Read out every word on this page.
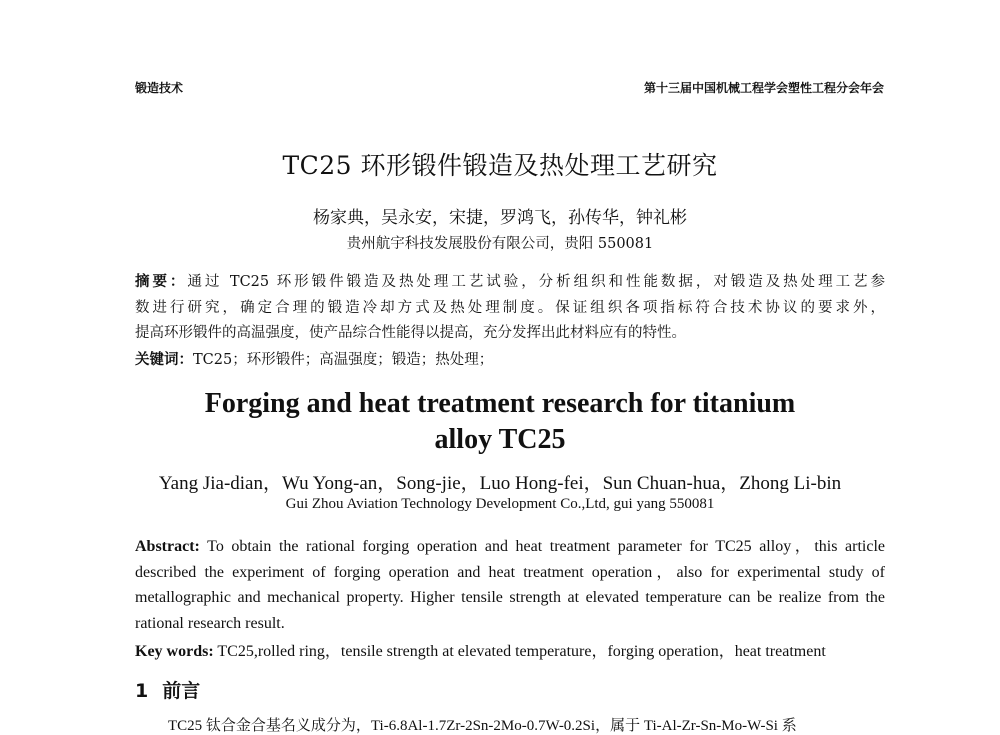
锻造技术	第十三届中国机械工程学会塑性工程分会年会
TC25 环形锻件锻造及热处理工艺研究
杨家典，吴永安，宋捷，罗鸿飞，孙传华，钟礼彬
贵州航宇科技发展股份有限公司，贵阳 550081
摘要：通过 TC25 环形锻件锻造及热处理工艺试验，分析组织和性能数据，对锻造及热处理工艺参
数进行研究，确定合理的锻造冷却方式及热处理制度。保证组织各项指标符合技术协议的要求外，
提高环形锻件的高温强度，使产品综合性能得以提高，充分发挥出此材料应有的特性。
关键词：TC25；环形锻件；高温强度；锻造；热处理；
Forging and heat treatment research for titanium
alloy TC25
Yang Jia-dian，Wu Yong-an，Song-jie，Luo Hong-fei，Sun Chuan-hua，Zhong Li-bin
Gui Zhou Aviation Technology Development Co.,Ltd, gui yang 550081
Abstract: To obtain the rational forging operation and heat treatment parameter for TC25 alloy，this article described the experiment of forging operation and heat treatment operation，also for experimental study of metallographic and mechanical property. Higher tensile strength at elevated temperature can be realize from the rational research result.
Key words: TC25,rolled ring，tensile strength at elevated temperature，forging operation，heat treatment
1 前言
TC25 钛合金合基名义成分为，Ti-6.8Al-1.7Zr-2Sn-2Mo-0.7W-0.2Si，属于 Ti-Al-Zr-Sn-Mo-W-Si 系
